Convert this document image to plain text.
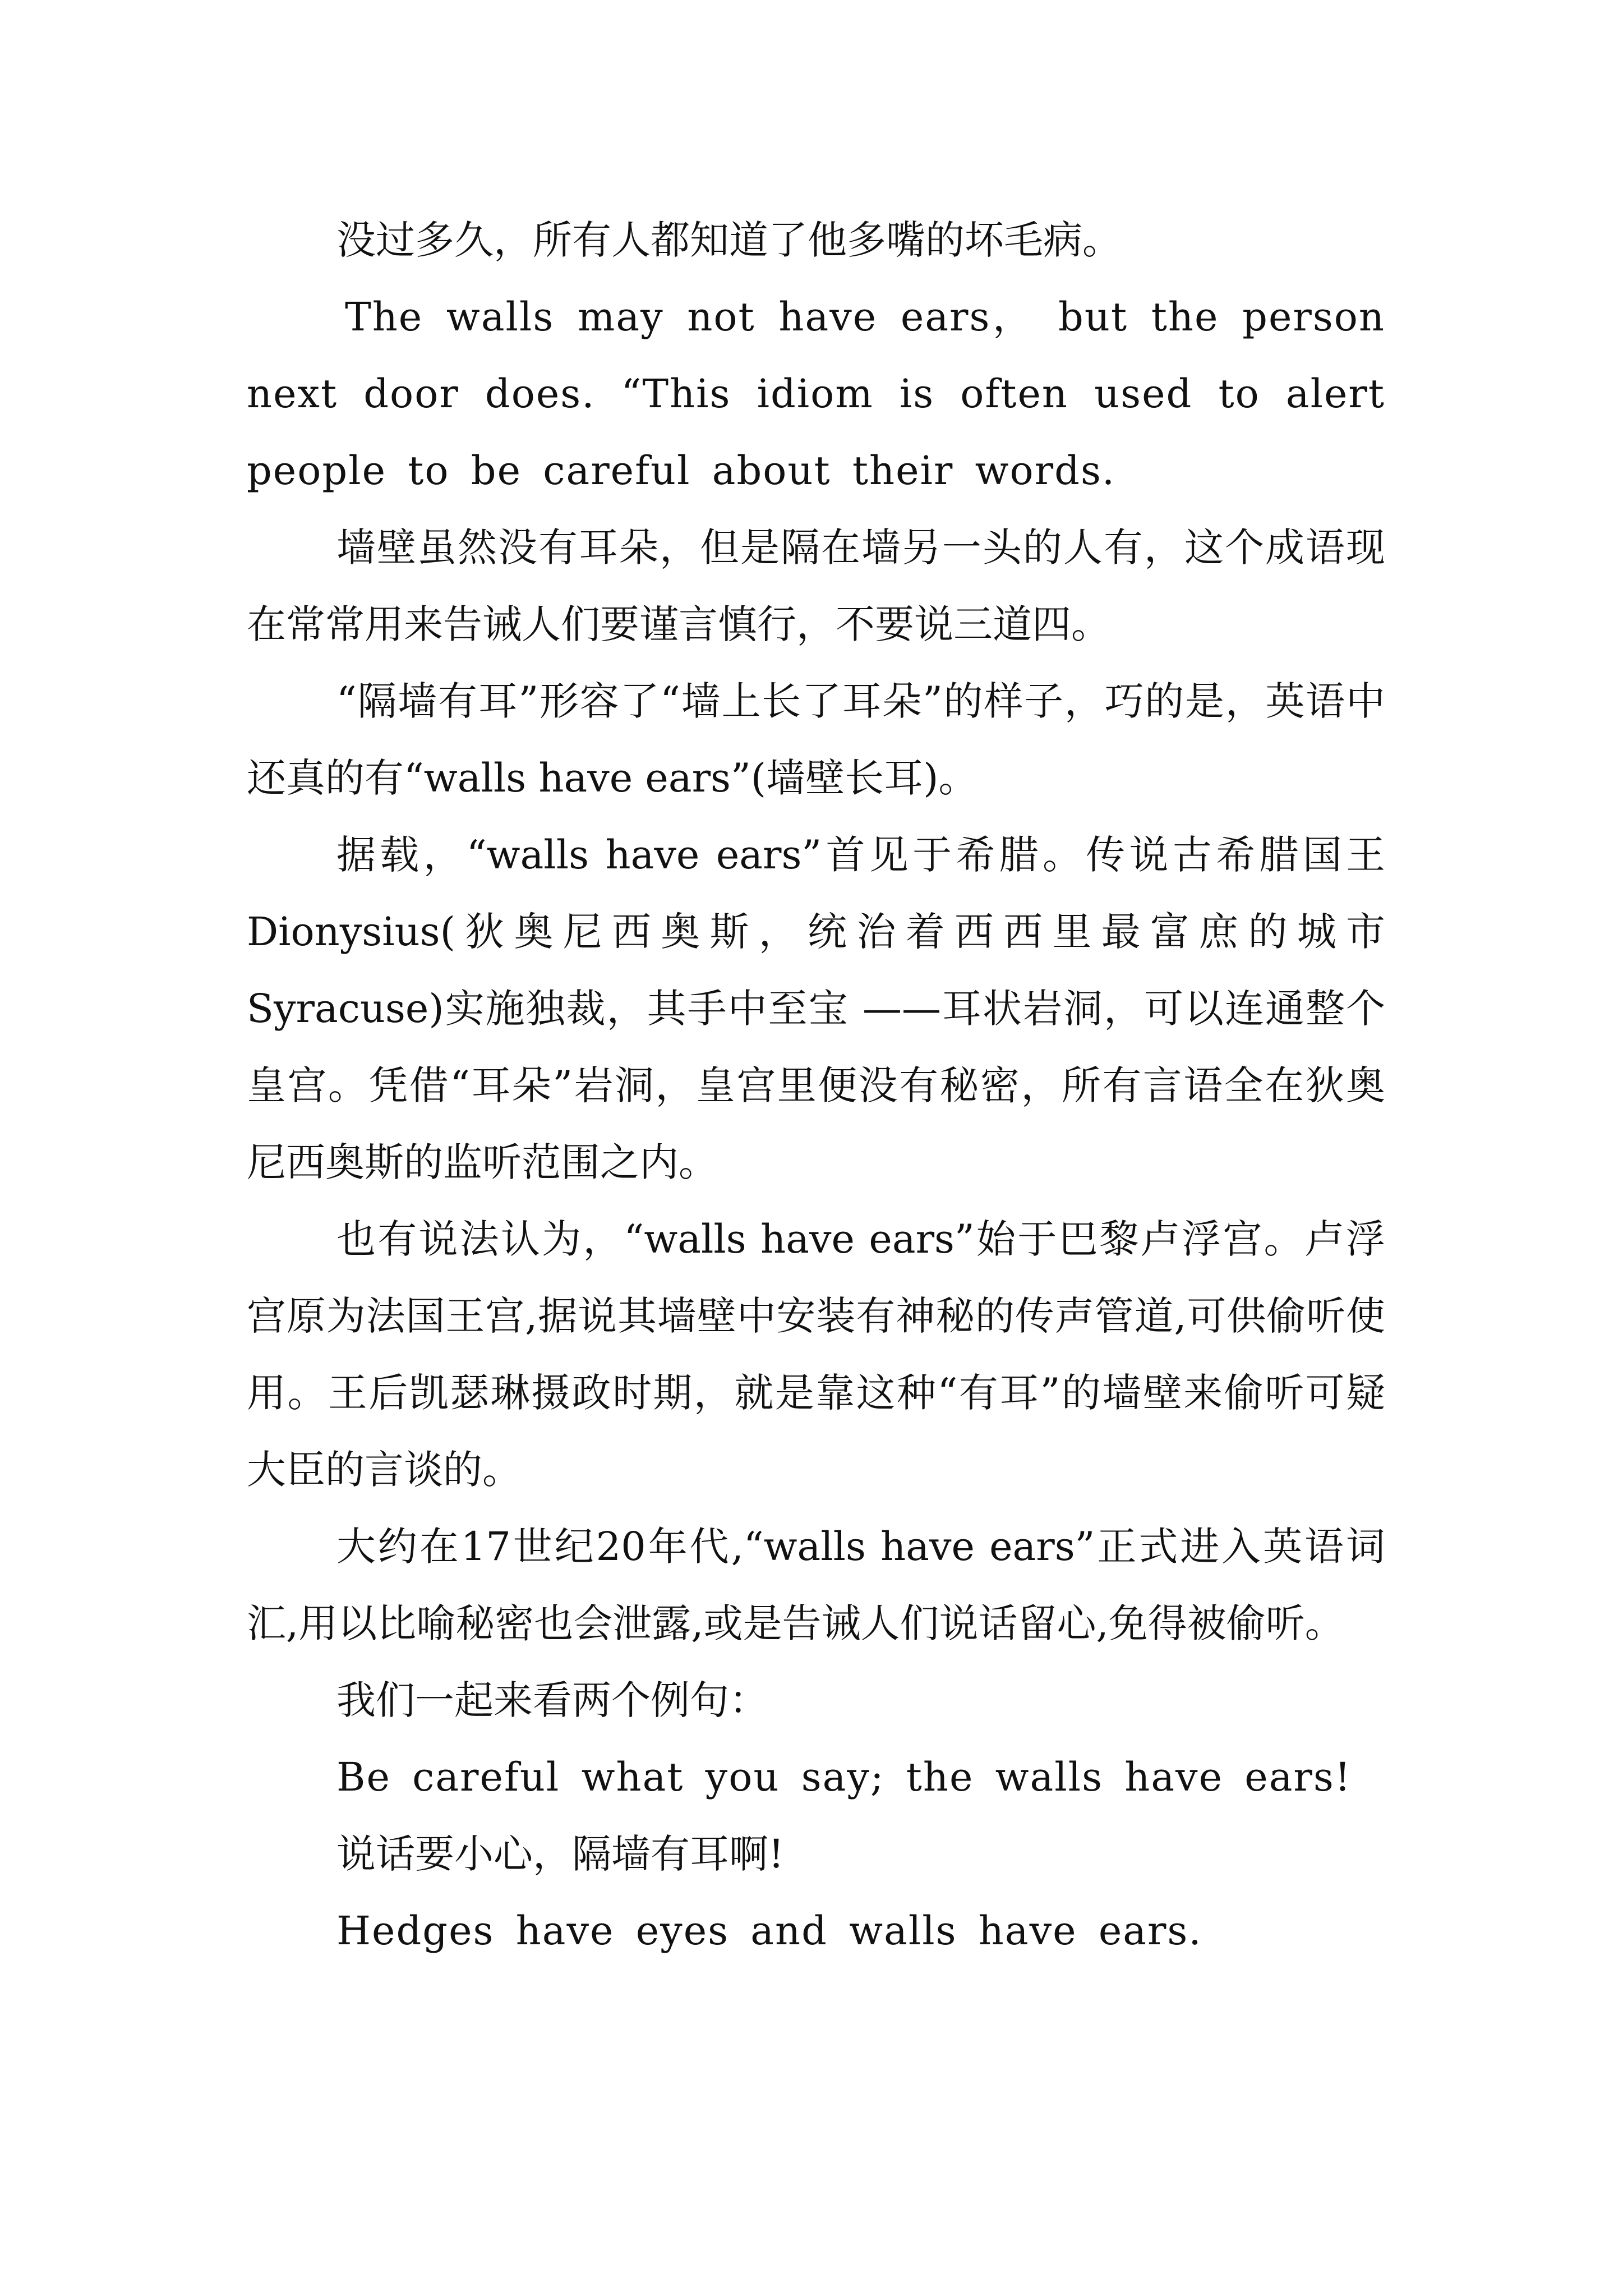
没过多久，所有人都知道了他多嘴的坏毛病。

The walls may not have ears， but the person next door does. “This idiom is often used to alert people to be careful about their words.

墙壁虽然没有耳朵，但是隔在墙另一头的人有，这个成语现在常常用来告诫人们要谨言慎行，不要说三道四。

“隔墙有耳”形容了“墙上长了耳朵”的样子，巧的是，英语中还真的有“walls have ears”(墙壁长耳)。

据载，“walls have ears”首见于希腊。传说古希腊国王Dionysius(狄奥尼西奥斯，统治着西西里最富庶的城市Syracuse)实施独裁，其手中至宝 ——耳状岩洞，可以连通整个皇宫。凭借“耳朵”岩洞，皇宫里便没有秘密，所有言语全在狄奥尼西奥斯的监听范围之内。

也有说法认为，“walls have ears”始于巴黎卢浮宫。卢浮宫原为法国王宫,据说其墙壁中安装有神秘的传声管道,可供偷听使用。王后凯瑟琳摄政时期，就是靠这种“有耳”的墙壁来偷听可疑大臣的言谈的。

大约在17世纪20年代,“walls have ears”正式进入英语词汇,用以比喻秘密也会泄露,或是告诫人们说话留心,免得被偷听。

我们一起来看两个例句：

Be careful what you say; the walls have ears!

说话要小心，隔墙有耳啊!

Hedges have eyes and walls have ears.
